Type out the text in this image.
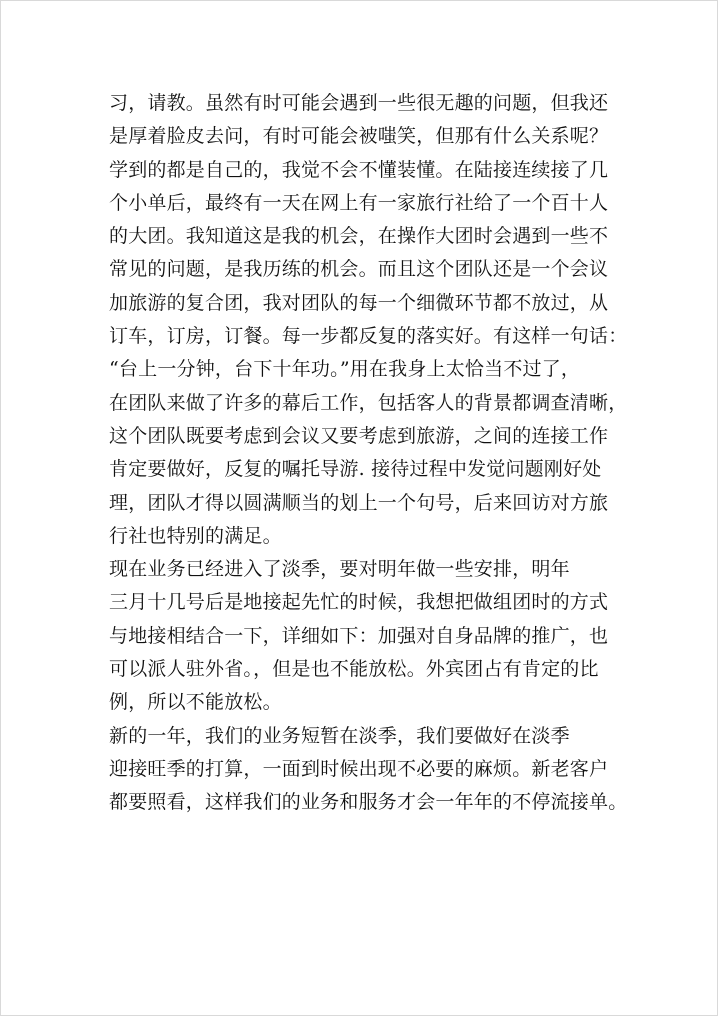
习，请教。虽然有时可能会遇到一些很无趣的问题，但我还
是厚着脸皮去问，有时可能会被嗤笑，但那有什么关系呢？
学到的都是自己的，我觉不会不懂装懂。在陆接连续接了几
个小单后，最终有一天在网上有一家旅行社给了一个百十人
的大团。我知道这是我的机会，在操作大团时会遇到一些不
常见的问题，是我历练的机会。而且这个团队还是一个会议
加旅游的复合团，我对团队的每一个细微环节都不放过，从
订车，订房，订餐。每一步都反复的落实好。有这样一句话：
“台上一分钟，台下十年功。”用在我身上太恰当不过了，
在团队来做了许多的幕后工作，包括客人的背景都调查清晰，
这个团队既要考虑到会议又要考虑到旅游，之间的连接工作
肯定要做好，反复的嘱托导游. 接待过程中发觉问题刚好处
理，团队才得以圆满顺当的划上一个句号，后来回访对方旅
行社也特别的满足。
现在业务已经进入了淡季，要对明年做一些安排，明年
三月十几号后是地接起先忙的时候，我想把做组团时的方式
与地接相结合一下，详细如下：加强对自身品牌的推广，也
可以派人驻外省。，但是也不能放松。外宾团占有肯定的比
例，所以不能放松。
新的一年，我们的业务短暂在淡季，我们要做好在淡季
迎接旺季的打算，一面到时候出现不必要的麻烦。新老客户
都要照看，这样我们的业务和服务才会一年年的不停流接单。
